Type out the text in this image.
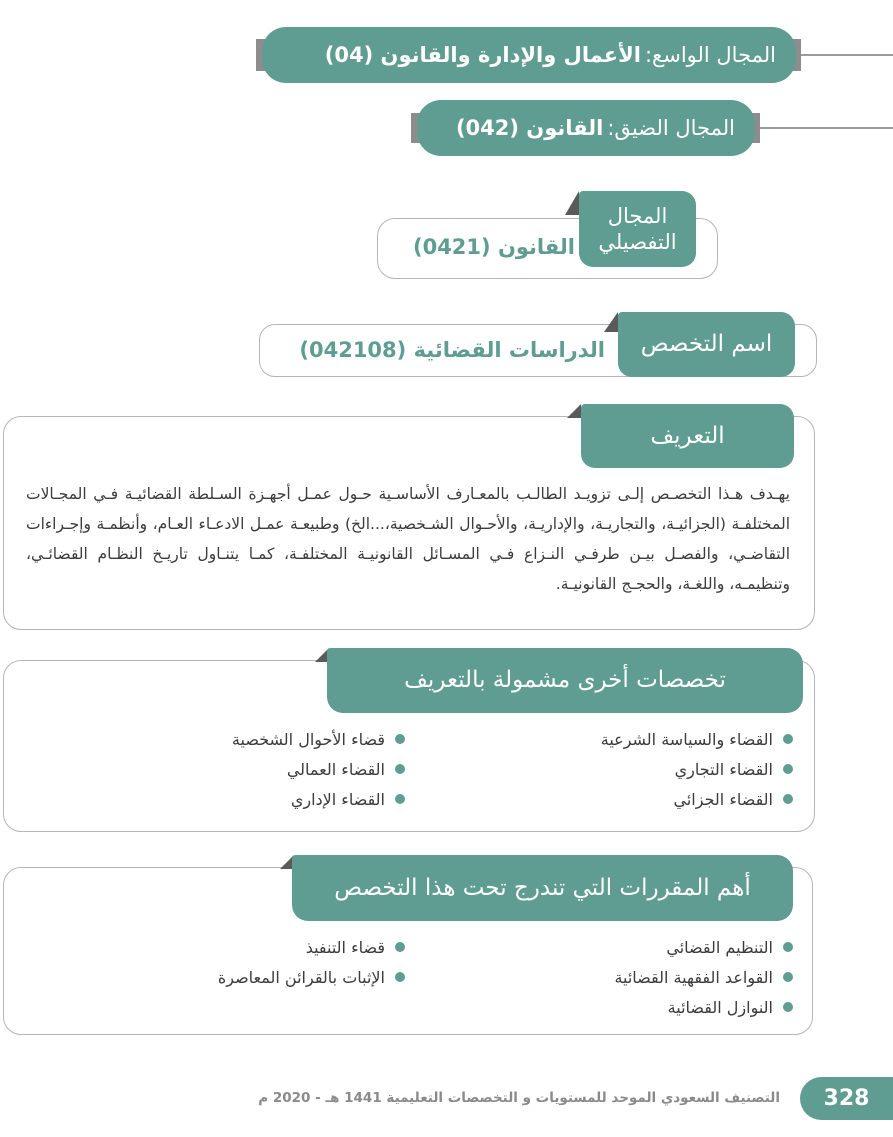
المجال الواسع:
الأعمال والإدارة والقانون (04)
المجال الضيق:
القانون (042)
المجال
التفصيلي
القانون (0421)
اسم التخصص
الدراسات القضائية (042108)
التعريف

يهـدف هـذا التخصـص إلـى تزويـد الطالـب بالمعـارف الأساسـية حـول عمـل أجهـزة السـلطة القضائيـة فـي المجـالات المختلفـة (الجزائيـة، والتجاريـة، والإداريـة، والأحـوال الشـخصية،...الخ) وطبيعـة عمـل الادعـاء العـام، وأنظمـة وإجـراءات التقاضـي، والفصـل بيـن طرفـي النـزاع فـي المسـائل القانونيـة المختلفـة، كمـا يتنـاول تاريـخ النظـام القضائـي، وتنظيمـه، واللغـة، والحجـج القانونيـة.

تخصصات أخرى مشمولة بالتعريف
القضاء والسياسة الشرعية
القضاء التجاري
القضاء الجزائي
قضاء الأحوال الشخصية
القضاء العمالي
القضاء الإداري
أهم المقررات التي تندرج تحت هذا التخصص
التنظيم القضائي
القواعد الفقهية القضائية
النوازل القضائية
قضاء التنفيذ
الإثبات بالقرائن المعاصرة
التصنيف السعودي الموحد للمستويات و التخصصات التعليمية 1441 هـ - 2020 م	328
